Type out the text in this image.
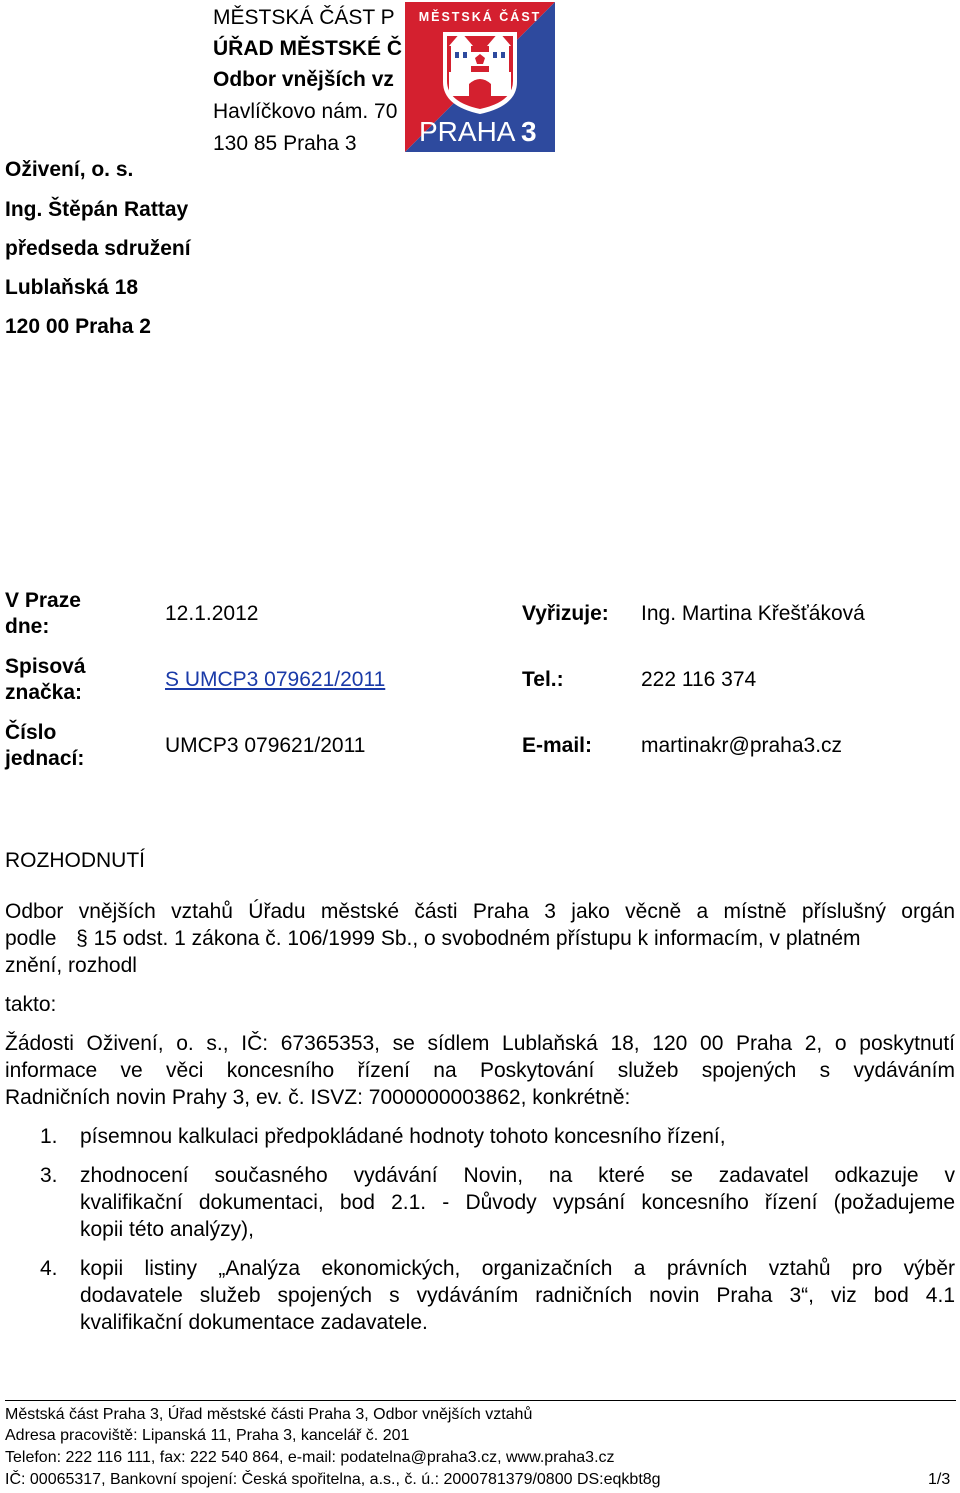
MĚSTSKÁ ČÁST P
ÚŘAD MĚSTSKÉ Č
Odbor vnějších vz
Havlíčkovo nám. 70
130 85 Praha 3
MĚSTSKÁ ČÁST
PRAHA 3
Oživení, o. s.
Ing. Štěpán Rattay
předseda sdružení
Lublaňská 18
120 00 Praha 2
V Praze
dne:
12.1.2012
Spisová
značka:
S UMCP3 079621/2011
Číslo
jednací:
UMCP3 079621/2011
Vyřizuje: Ing. Martina Křešťáková
Tel.:	222 116 374
E-mail: martinakr@praha3.cz
ROZHODNUTÍ
Odbor vnějších vztahů Úřadu městské části Praha 3 jako věcně a místně příslušný orgán
podle § 15 odst. 1 zákona č. 106/1999 Sb., o svobodném přístupu k informacím, v platném
znění, rozhodl
takto:
Žádosti Oživení, o. s., IČ: 67365353, se sídlem Lublaňská 18, 120 00 Praha 2, o poskytnutí
informace ve věci koncesního řízení na Poskytování služeb spojených s vydáváním
Radničních novin Prahy 3, ev. č. ISVZ: 7000000003862, konkrétně:
1. písemnou kalkulaci předpokládané hodnoty tohoto koncesního řízení,
3. zhodnocení současného vydávání Novin, na které se zadavatel odkazuje v
kvalifikační dokumentaci, bod 2.1. - Důvody vypsání koncesního řízení (požadujeme
kopii této analýzy),
4. kopii listiny „Analýza ekonomických, organizačních a právních vztahů pro výběr
dodavatele služeb spojených s vydáváním radničních novin Praha 3“, viz bod 4.1
kvalifikační dokumentace zadavatele.
Městská část Praha 3, Úřad městské části Praha 3, Odbor vnějších vztahů
Adresa pracoviště: Lipanská 11, Praha 3, kancelář č. 201
Telefon: 222 116 111, fax: 222 540 864, e-mail: podatelna@praha3.cz, www.praha3.cz
IČ: 00065317, Bankovní spojení: Česká spořitelna, a.s., č. ú.: 2000781379/0800 DS:eqkbt8g	1/3
